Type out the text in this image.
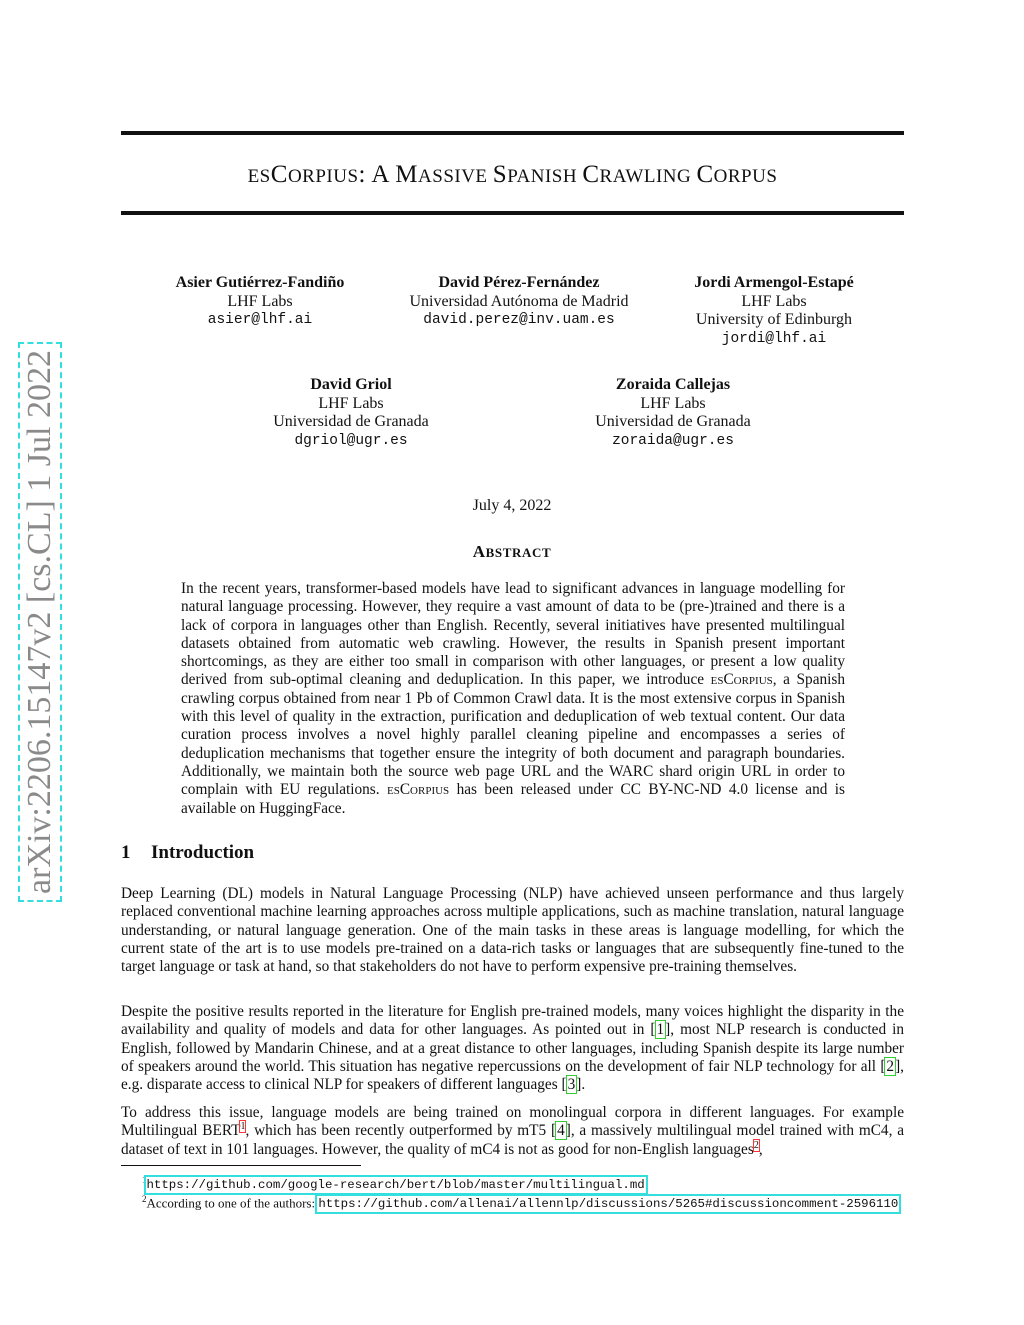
arXiv:2206.15147v2 [cs.CL] 1 Jul 2022
ESCORPIUS: A MASSIVE SPANISH CRAWLING CORPUS
Asier Gutiérrez-Fandiño
LHF Labs
asier@lhf.ai
David Pérez-Fernández
Universidad Autónoma de Madrid
david.perez@inv.uam.es
Jordi Armengol-Estapé
LHF Labs
University of Edinburgh
jordi@lhf.ai
David Griol
LHF Labs
Universidad de Granada
dgriol@ugr.es
Zoraida Callejas
LHF Labs
Universidad de Granada
zoraida@ugr.es
July 4, 2022
ABSTRACT
In the recent years, transformer-based models have lead to significant advances in language modelling for natural language processing. However, they require a vast amount of data to be (pre-)trained and there is a lack of corpora in languages other than English. Recently, several initiatives have presented multilingual datasets obtained from automatic web crawling. However, the results in Spanish present important shortcomings, as they are either too small in comparison with other languages, or present a low quality derived from sub-optimal cleaning and deduplication. In this paper, we introduce esCorpius, a Spanish crawling corpus obtained from near 1 Pb of Common Crawl data. It is the most extensive corpus in Spanish with this level of quality in the extraction, purification and deduplication of web textual content. Our data curation process involves a novel highly parallel cleaning pipeline and encompasses a series of deduplication mechanisms that together ensure the integrity of both document and paragraph boundaries. Additionally, we maintain both the source web page URL and the WARC shard origin URL in order to complain with EU regulations. esCorpius has been released under CC BY-NC-ND 4.0 license and is available on HuggingFace.
1 Introduction
Deep Learning (DL) models in Natural Language Processing (NLP) have achieved unseen performance and thus largely replaced conventional machine learning approaches across multiple applications, such as machine translation, natural language understanding, or natural language generation. One of the main tasks in these areas is language modelling, for which the current state of the art is to use models pre-trained on a data-rich tasks or languages that are subsequently fine-tuned to the target language or task at hand, so that stakeholders do not have to perform expensive pre-training themselves.
Despite the positive results reported in the literature for English pre-trained models, many voices highlight the disparity in the availability and quality of models and data for other languages. As pointed out in [1], most NLP research is conducted in English, followed by Mandarin Chinese, and at a great distance to other languages, including Spanish despite its large number of speakers around the world. This situation has negative repercussions on the development of fair NLP technology for all [2], e.g. disparate access to clinical NLP for speakers of different languages [3].
To address this issue, language models are being trained on monolingual corpora in different languages. For example Multilingual BERT$^1$, which has been recently outperformed by mT5 [4], a massively multilingual model trained with mC4, a dataset of text in 101 languages. However, the quality of mC4 is not as good for non-English languages$^2$,
$^1$https://github.com/google-research/bert/blob/master/multilingual.md
$^2$According to one of the authors: https://github.com/allenai/allennlp/discussions/5265#discussioncomment-2596110
